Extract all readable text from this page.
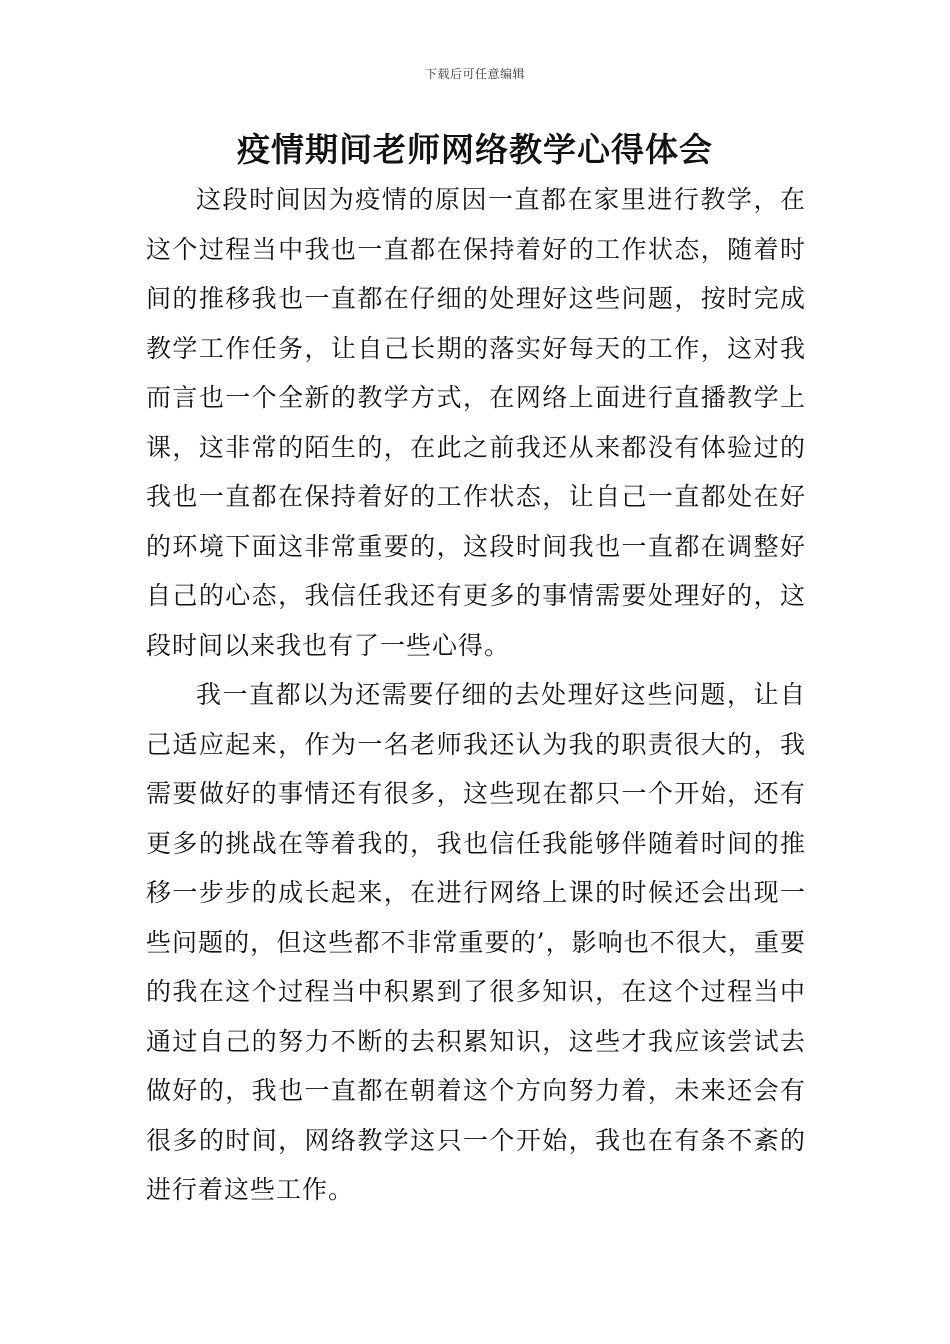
下载后可任意编辑
疫情期间老师网络教学心得体会

这段时间因为疫情的原因一直都在家里进行教学，在这个过程当中我也一直都在保持着好的工作状态，随着时间的推移我也一直都在仔细的处理好这些问题，按时完成教学工作任务，让自己长期的落实好每天的工作，这对我而言也一个全新的教学方式，在网络上面进行直播教学上课，这非常的陌生的，在此之前我还从来都没有体验过的我也一直都在保持着好的工作状态，让自己一直都处在好的环境下面这非常重要的，这段时间我也一直都在调整好自己的心态，我信任我还有更多的事情需要处理好的，这段时间以来我也有了一些心得。

我一直都以为还需要仔细的去处理好这些问题，让自己适应起来，作为一名老师我还认为我的职责很大的，我需要做好的事情还有很多，这些现在都只一个开始，还有更多的挑战在等着我的，我也信任我能够伴随着时间的推移一步步的成长起来，在进行网络上课的时候还会出现一些问题的，但这些都不非常重要的’，影响也不很大，重要的我在这个过程当中积累到了很多知识，在这个过程当中通过自己的努力不断的去积累知识，这些才我应该尝试去做好的，我也一直都在朝着这个方向努力着，未来还会有很多的时间，网络教学这只一个开始，我也在有条不紊的进行着这些工作。
